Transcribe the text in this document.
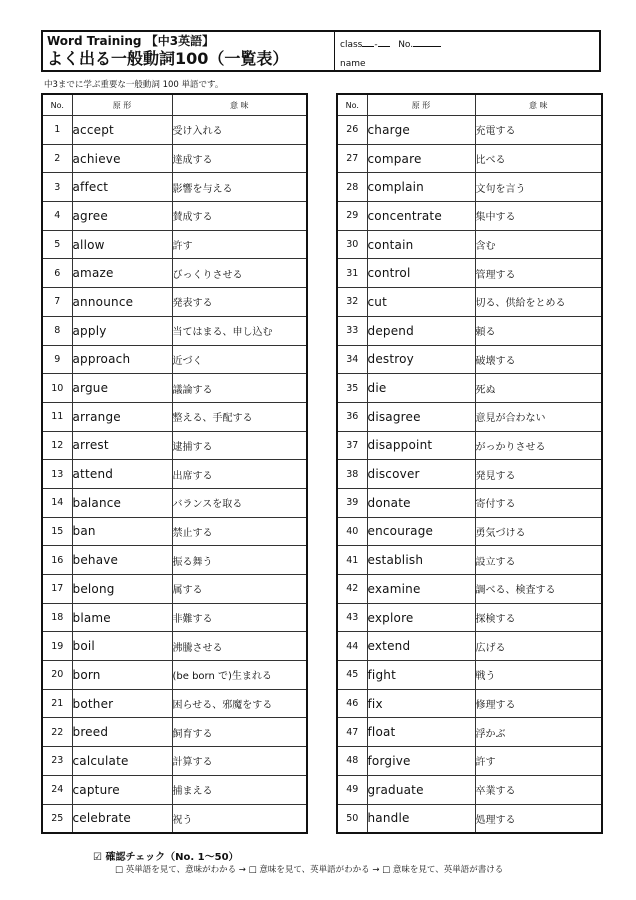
Word Training 【中3英語】
よく出る一般動詞100（一覧表）
class - No.
name
中3までに学ぶ重要な一般動詞 100 単語です。
No.	原 形	意 味
1	accept	受け入れる
2	achieve	達成する
3	affect	影響を与える
4	agree	賛成する
5	allow	許す
6	amaze	びっくりさせる
7	announce	発表する
8	apply	当てはまる、申し込む
9	approach	近づく
10	argue	議論する
11	arrange	整える、手配する
12	arrest	逮捕する
13	attend	出席する
14	balance	バランスを取る
15	ban	禁止する
16	behave	振る舞う
17	belong	属する
18	blame	非難する
19	boil	沸騰させる
20	born	(be born で)生まれる
21	bother	困らせる、邪魔をする
22	breed	飼育する
23	calculate	計算する
24	capture	捕まえる
25	celebrate	祝う
No.	原 形	意 味
26	charge	充電する
27	compare	比べる
28	complain	文句を言う
29	concentrate	集中する
30	contain	含む
31	control	管理する
32	cut	切る、供給をとめる
33	depend	頼る
34	destroy	破壊する
35	die	死ぬ
36	disagree	意見が合わない
37	disappoint	がっかりさせる
38	discover	発見する
39	donate	寄付する
40	encourage	勇気づける
41	establish	設立する
42	examine	調べる、検査する
43	explore	探検する
44	extend	広げる
45	fight	戦う
46	fix	修理する
47	float	浮かぶ
48	forgive	許す
49	graduate	卒業する
50	handle	処理する
☑ 確認チェック（No. 1～50）
□ 英単語を見て、意味がわかる → □ 意味を見て、英単語がわかる → □ 意味を見て、英単語が書ける
